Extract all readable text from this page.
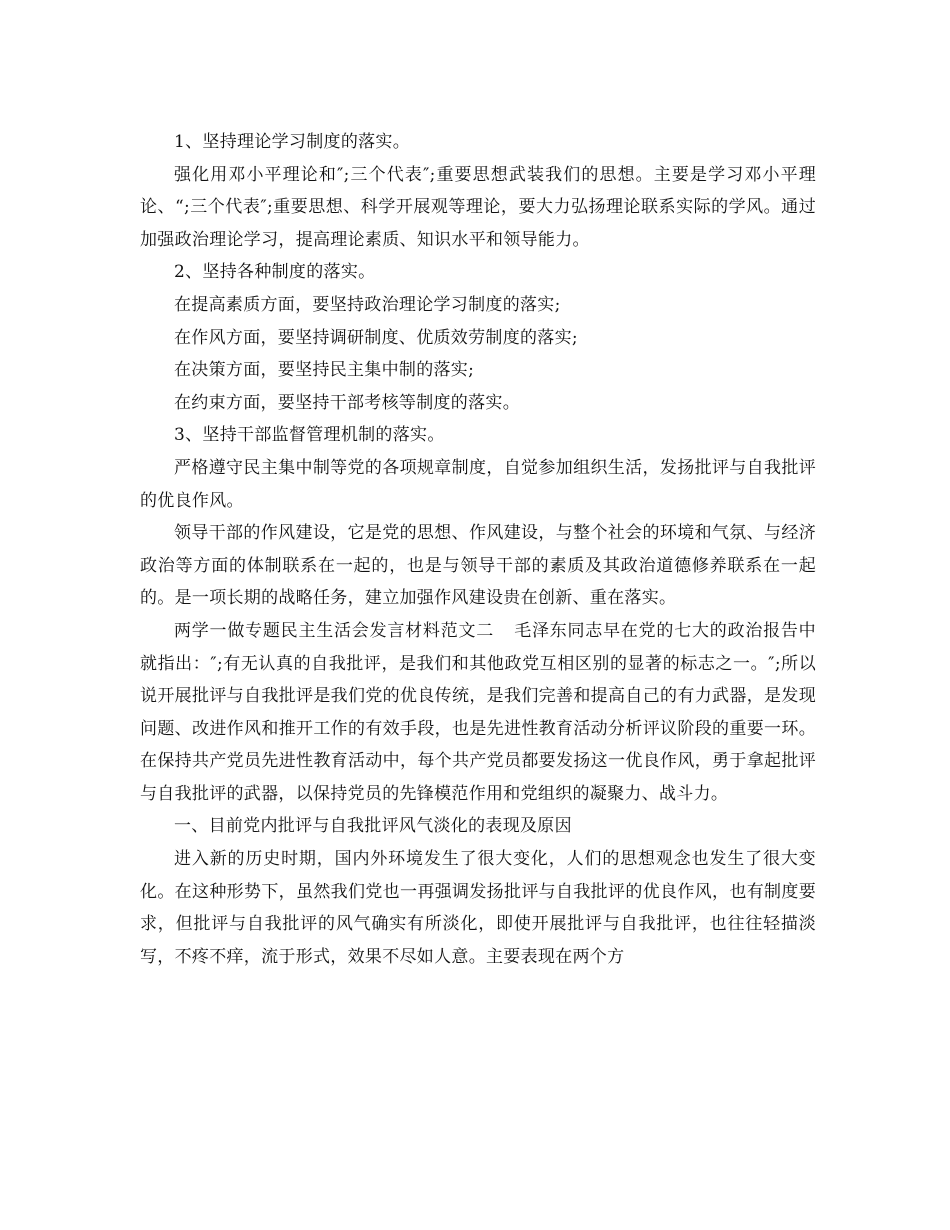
1、坚持理论学习制度的落实。

强化用邓小平理论和″;三个代表″;重要思想武装我们的思想。主要是学习邓小平理论、“;三个代表″;重要思想、科学开展观等理论，要大力弘扬理论联系实际的学风。通过加强政治理论学习，提高理论素质、知识水平和领导能力。

2、坚持各种制度的落实。

在提高素质方面，要坚持政治理论学习制度的落实;

在作风方面，要坚持调研制度、优质效劳制度的落实;

在决策方面，要坚持民主集中制的落实;

在约束方面，要坚持干部考核等制度的落实。

3、坚持干部监督管理机制的落实。

严格遵守民主集中制等党的各项规章制度，自觉参加组织生活，发扬批评与自我批评的优良作风。

领导干部的作风建设，它是党的思想、作风建设，与整个社会的环境和气氛、与经济政治等方面的体制联系在一起的，也是与领导干部的素质及其政治道德修养联系在一起的。是一项长期的战略任务，建立加强作风建设贵在创新、重在落实。

两学一做专题民主生活会发言材料范文二	毛泽东同志早在党的七大的政治报告中就指出：″;有无认真的自我批评，是我们和其他政党互相区别的显著的标志之一。″;所以说开展批评与自我批评是我们党的优良传统，是我们完善和提高自己的有力武器，是发现问题、改进作风和推开工作的有效手段，也是先进性教育活动分析评议阶段的重要一环。在保持共产党员先进性教育活动中，每个共产党员都要发扬这一优良作风，勇于拿起批评与自我批评的武器，以保持党员的先锋模范作用和党组织的凝聚力、战斗力。

一、目前党内批评与自我批评风气淡化的表现及原因

进入新的历史时期，国内外环境发生了很大变化，人们的思想观念也发生了很大变化。在这种形势下，虽然我们党也一再强调发扬批评与自我批评的优良作风，也有制度要求，但批评与自我批评的风气确实有所淡化，即使开展批评与自我批评，也往往轻描淡写，不疼不痒，流于形式，效果不尽如人意。主要表现在两个方
